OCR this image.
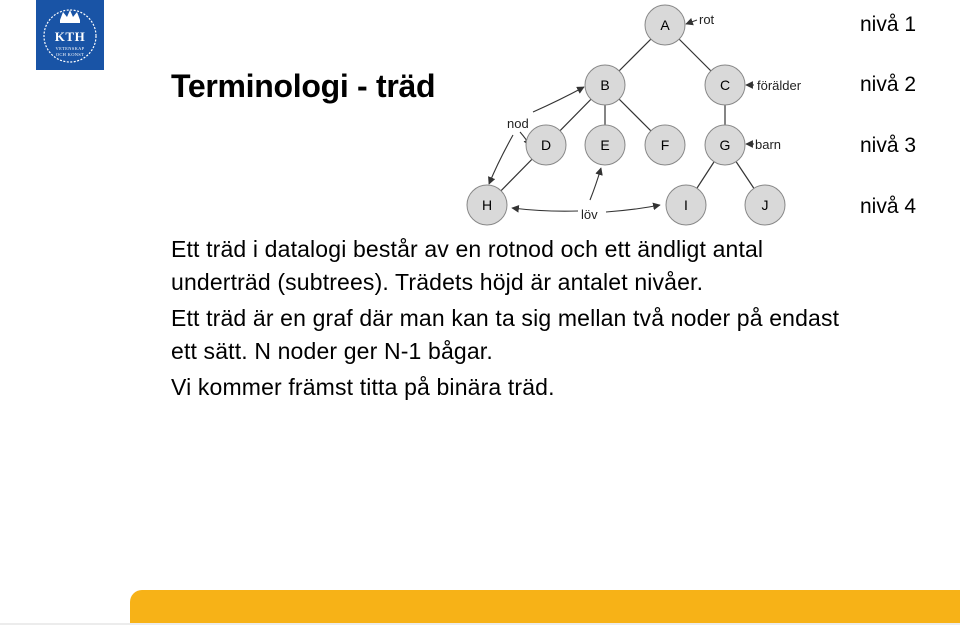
KTH
VETENSKAP
OCH KONST
Terminologi - träd
A
B	C
D	E	F	G
H	I	J
rot
förälder
barn
nod
löv
nivå 1
nivå 2
nivå 3
nivå 4

Ett träd i datalogi består av en rotnod och ett ändligt antal underträd (subtrees). Trädets höjd är antalet nivåer.

Ett träd är en graf där man kan ta sig mellan två noder på endast ett sätt. N noder ger N-1 bågar.

Vi kommer främst titta på binära träd.
